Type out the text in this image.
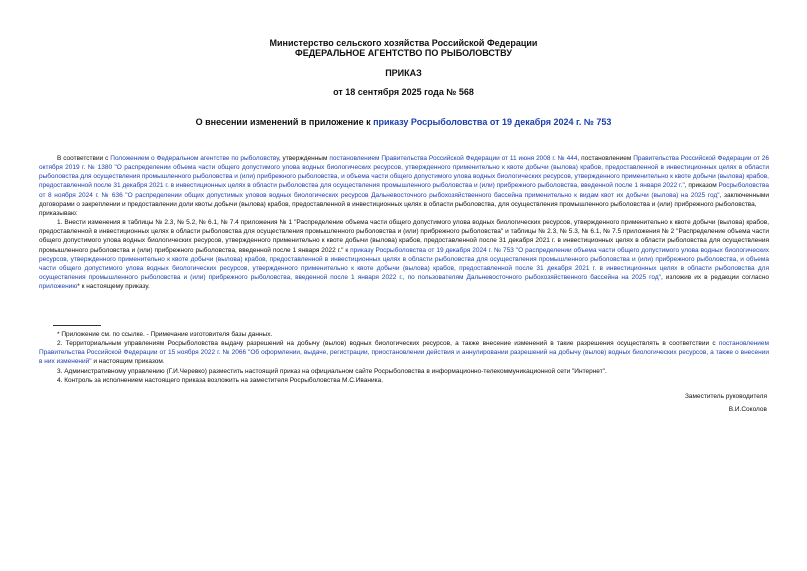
Министерство сельского хозяйства Российской Федерации
ФЕДЕРАЛЬНОЕ АГЕНТСТВО ПО РЫБОЛОВСТВУ
ПРИКАЗ
от 18 сентября 2025 года № 568
О внесении изменений в приложение к приказу Росрыболовства от 19 декабря 2024 г. № 753

В соответствии с Положением о Федеральном агентстве по рыболовству, утвержденным постановлением Правительства Российской Федерации от 11 июня 2008 г. № 444, постановлением Правительства Российской Федерации от 26 октября 2019 г. № 1380 "О распределении объема части общего допустимого улова водных биологических ресурсов, утвержденного применительно к квоте добычи (вылова) крабов, предоставленной в инвестиционных целях в области рыболовства для осуществления промышленного рыболовства и (или) прибрежного рыболовства, и объема части общего допустимого улова водных биологических ресурсов, утвержденного применительно к квоте добычи (вылова) крабов, предоставленной после 31 декабря 2021 г. в инвестиционных целях в области рыболовства для осуществления промышленного рыболовства и (или) прибрежного рыболовства, введенной после 1 января 2022 г.", приказом Росрыболовства от 8 ноября 2024 г. № 636 "О распределении общих допустимых уловов водных биологических ресурсов Дальневосточного рыбохозяйственного бассейна применительно к видам квот их добычи (вылова) на 2025 год", заключенными договорами о закреплении и предоставлении доли квоты добычи (вылова) крабов, предоставленной в инвестиционных целях в области рыболовства, для осуществления промышленного рыболовства и (или) прибрежного рыболовства,

приказываю:

1. Внести изменения в таблицы № 2.3, № 5.2, № 6.1, № 7.4 приложения № 1 "Распределение объема части общего допустимого улова водных биологических ресурсов, утвержденного применительно к квоте добычи (вылова) крабов, предоставленной в инвестиционных целях в области рыболовства для осуществления промышленного рыболовства и (или) прибрежного рыболовства" и таблицы № 2.3, № 5.3, № 6.1, № 7.5 приложения № 2 "Распределение объема части общего допустимого улова водных биологических ресурсов, утвержденного применительно к квоте добычи (вылова) крабов, предоставленной после 31 декабря 2021 г. в инвестиционных целях в области рыболовства для осуществления промышленного рыболовства и (или) прибрежного рыболовства, введенной после 1 января 2022 г." к приказу Росрыболовства от 19 декабря 2024 г. № 753 "О распределении объема части общего допустимого улова водных биологических ресурсов, утвержденного применительно к квоте добычи (вылова) крабов, предоставленной в инвестиционных целях в области рыболовства для осуществления промышленного рыболовства и (или) прибрежного рыболовства, и объема части общего допустимого улова водных биологических ресурсов, утвержденного применительно к квоте добычи (вылова) крабов, предоставленной после 31 декабря 2021 г. в инвестиционных целях в области рыболовства для осуществления промышленного рыболовства и (или) прибрежного рыболовства, введенной после 1 января 2022 г., по пользователям Дальневосточного рыбохозяйственного бассейна на 2025 год", изложив их в редакции согласно приложению* к настоящему приказу.

* Приложение см. по ссылке. - Примечание изготовителя базы данных.

2. Территориальным управлениям Росрыболовства выдачу разрешений на добычу (вылов) водных биологических ресурсов, а также внесение изменений в такие разрешения осуществлять в соответствии с постановлением Правительства Российской Федерации от 15 ноября 2022 г. № 2066 "Об оформлении, выдаче, регистрации, приостановлении действия и аннулировании разрешений на добычу (вылов) водных биологических ресурсов, а также о внесении в них изменений" и настоящим приказом.

3. Административному управлению (Г.И.Черевко) разместить настоящий приказ на официальном сайте Росрыболовства в информационно-телекоммуникационной сети "Интернет".

4. Контроль за исполнением настоящего приказа возложить на заместителя Росрыболовства М.С.Иваника.

Заместитель руководителя
В.И.Соколов
